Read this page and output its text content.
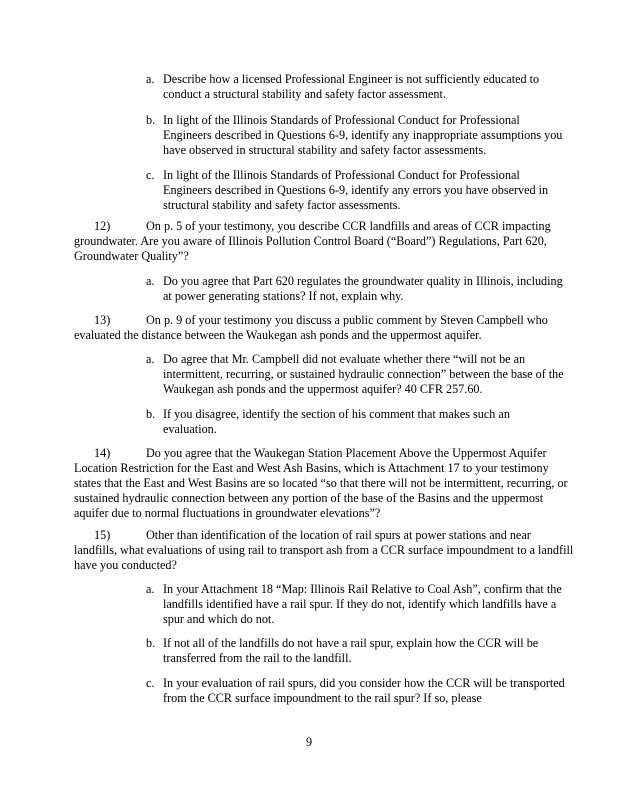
a. Describe how a licensed Professional Engineer is not sufficiently educated to conduct a structural stability and safety factor assessment.

b. In light of the Illinois Standards of Professional Conduct for Professional Engineers described in Questions 6-9, identify any inappropriate assumptions you have observed in structural stability and safety factor assessments.

c. In light of the Illinois Standards of Professional Conduct for Professional Engineers described in Questions 6-9, identify any errors you have observed in structural stability and safety factor assessments.

12)	On p. 5 of your testimony, you describe CCR landfills and areas of CCR impacting groundwater. Are you aware of Illinois Pollution Control Board (“Board”) Regulations, Part 620, Groundwater Quality”?

a. Do you agree that Part 620 regulates the groundwater quality in Illinois, including at power generating stations? If not, explain why.

13)	On p. 9 of your testimony you discuss a public comment by Steven Campbell who evaluated the distance between the Waukegan ash ponds and the uppermost aquifer.

a. Do agree that Mr. Campbell did not evaluate whether there “will not be an intermittent, recurring, or sustained hydraulic connection” between the base of the Waukegan ash ponds and the uppermost aquifer? 40 CFR 257.60.

b. If you disagree, identify the section of his comment that makes such an evaluation.

14)	Do you agree that the Waukegan Station Placement Above the Uppermost Aquifer Location Restriction for the East and West Ash Basins, which is Attachment 17 to your testimony states that the East and West Basins are so located “so that there will not be intermittent, recurring, or sustained hydraulic connection between any portion of the base of the Basins and the uppermost aquifer due to normal fluctuations in groundwater elevations”?

15)	Other than identification of the location of rail spurs at power stations and near landfills, what evaluations of using rail to transport ash from a CCR surface impoundment to a landfill have you conducted?

a. In your Attachment 18 “Map: Illinois Rail Relative to Coal Ash”, confirm that the landfills identified have a rail spur. If they do not, identify which landfills have a spur and which do not.

b. If not all of the landfills do not have a rail spur, explain how the CCR will be transferred from the rail to the landfill.

c. In your evaluation of rail spurs, did you consider how the CCR will be transported from the CCR surface impoundment to the rail spur? If so, please

9
